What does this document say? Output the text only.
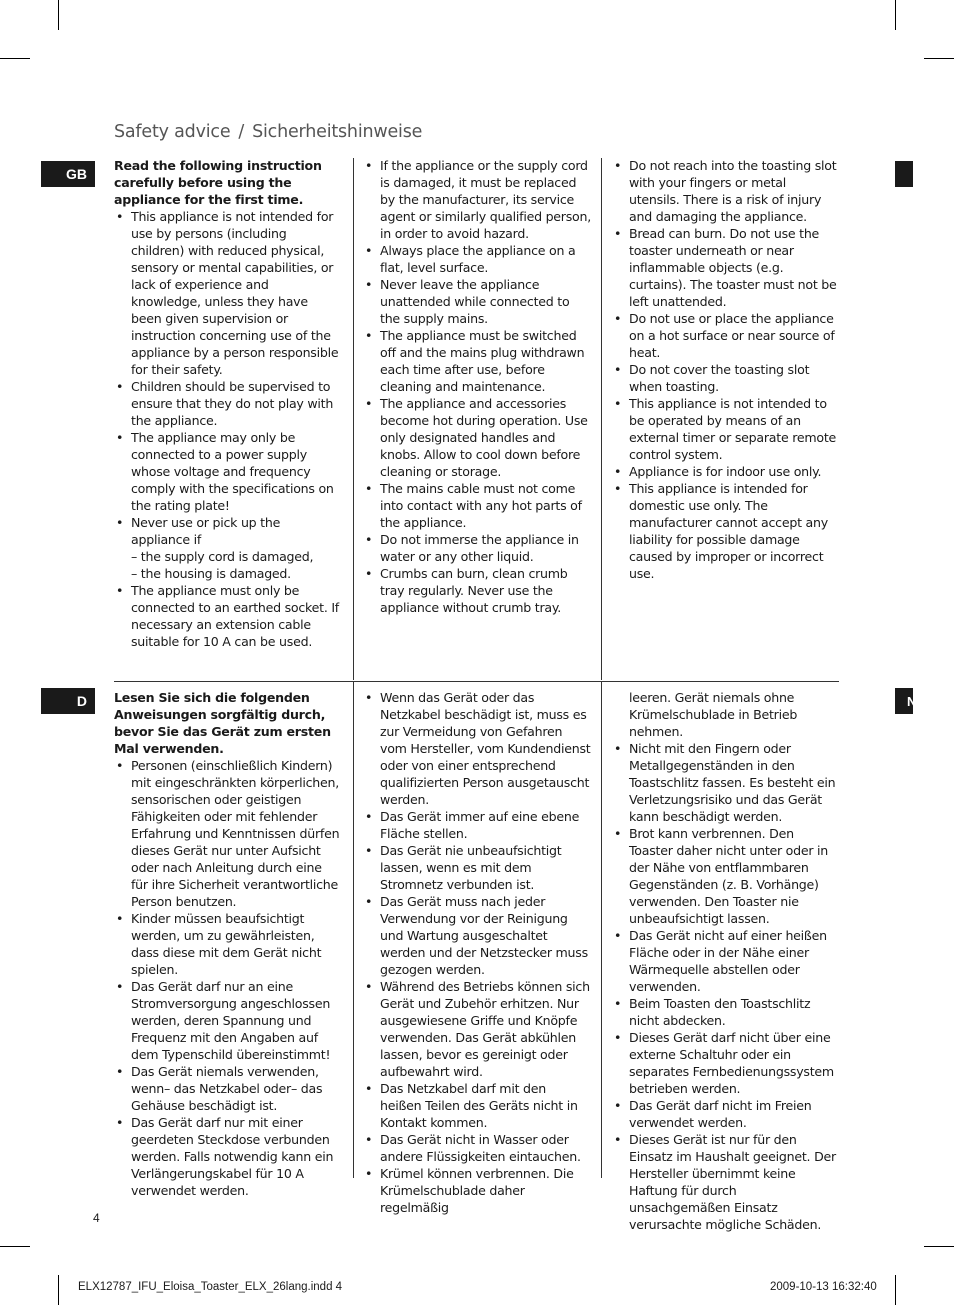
Safety advice / Sicherheitshinweise
GB
D	N

Read the following instruction carefully before using the appliance for the first time.

• This appliance is not intended for use by persons (including children) with reduced physical, sensory or mental capabilities, or lack of experience and knowledge, unless they have been given supervision or instruction concerning use of the appliance by a person responsible for their safety.
• Children should be supervised to ensure that they do not play with the appliance.
• The appliance may only be connected to a power supply whose voltage and frequency comply with the specifications on the rating plate!
• Never use or pick up the appliance if
– the supply cord is damaged,
– the housing is damaged.
• The appliance must only be connected to an earthed socket. If necessary an extension cable suitable for 10 A can be used.
• If the appliance or the supply cord is damaged, it must be replaced by the manufacturer, its service agent or similarly qualified person, in order to avoid hazard.
• Always place the appliance on a flat, level surface.
• Never leave the appliance unattended while connected to the supply mains.
• The appliance must be switched off and the mains plug withdrawn each time after use, before cleaning and maintenance.
• The appliance and accessories become hot during operation. Use only designated handles and knobs. Allow to cool down before cleaning or storage.
• The mains cable must not come into contact with any hot parts of the appliance.
• Do not immerse the appliance in water or any other liquid.
• Crumbs can burn, clean crumb tray regularly. Never use the appliance without crumb tray.
• Do not reach into the toasting slot with your fingers or metal utensils. There is a risk of injury and damaging the appliance.
• Bread can burn. Do not use the toaster underneath or near inflammable objects (e.g. curtains). The toaster must not be left unattended.
• Do not use or place the appliance on a hot surface or near source of heat.
• Do not cover the toasting slot when toasting.
• This appliance is not intended to be operated by means of an external timer or separate remote control system.
• Appliance is for indoor use only.
• This appliance is intended for domestic use only. The manufacturer cannot accept any liability for possible damage caused by improper or incorrect use.

Lesen Sie sich die folgenden Anweisungen sorgfältig durch, bevor Sie das Gerät zum ersten Mal verwenden.

• Personen (einschließlich Kindern) mit eingeschränkten körperlichen, sensorischen oder geistigen Fähigkeiten oder mit fehlender Erfahrung und Kenntnissen dürfen dieses Gerät nur unter Aufsicht oder nach Anleitung durch eine für ihre Sicherheit verantwortliche Person benutzen.
• Kinder müssen beaufsichtigt werden, um zu gewährleisten, dass diese mit dem Gerät nicht spielen.
• Das Gerät darf nur an eine Stromversorgung angeschlossen werden, deren Spannung und Frequenz mit den Angaben auf dem Typenschild übereinstimmt!
• Das Gerät niemals verwenden, wenn– das Netzkabel oder– das Gehäuse beschädigt ist.
• Das Gerät darf nur mit einer geerdeten Steckdose verbunden werden. Falls notwendig kann ein Verlängerungskabel für 10 A verwendet werden.
• Wenn das Gerät oder das Netzkabel beschädigt ist, muss es zur Vermeidung von Gefahren vom Hersteller, vom Kundendienst oder von einer entsprechend qualifizierten Person ausgetauscht werden.
• Das Gerät immer auf eine ebene Fläche stellen.
• Das Gerät nie unbeaufsichtigt lassen, wenn es mit dem Stromnetz verbunden ist.
• Das Gerät muss nach jeder Verwendung vor der Reinigung und Wartung ausgeschaltet werden und der Netzstecker muss gezogen werden.
• Während des Betriebs können sich Gerät und Zubehör erhitzen. Nur ausgewiesene Griffe und Knöpfe verwenden. Das Gerät abkühlen lassen, bevor es gereinigt oder aufbewahrt wird.
• Das Netzkabel darf mit den heißen Teilen des Geräts nicht in Kontakt kommen.
• Das Gerät nicht in Wasser oder andere Flüssigkeiten eintauchen.
• Krümel können verbrennen. Die Krümelschublade daher regelmäßig
leeren. Gerät niemals ohne Krümelschublade in Betrieb nehmen.
• Nicht mit den Fingern oder Metallgegenständen in den Toastschlitz fassen. Es besteht ein Verletzungsrisiko und das Gerät kann beschädigt werden.
• Brot kann verbrennen. Den Toaster daher nicht unter oder in der Nähe von entflammbaren Gegenständen (z. B. Vorhänge) verwenden. Den Toaster nie unbeaufsichtigt lassen.
• Das Gerät nicht auf einer heißen Fläche oder in der Nähe einer Wärmequelle abstellen oder verwenden.
• Beim Toasten den Toastschlitz nicht abdecken.
• Dieses Gerät darf nicht über eine externe Schaltuhr oder ein separates Fernbedienungssystem betrieben werden.
• Das Gerät darf nicht im Freien verwendet werden.
• Dieses Gerät ist nur für den Einsatz im Haushalt geeignet. Der Hersteller übernimmt keine Haftung für durch unsachgemäßen Einsatz verursachte mögliche Schäden.
4
ELX12787_IFU_Eloisa_Toaster_ELX_26lang.indd 4	2009-10-13 16:32:40
